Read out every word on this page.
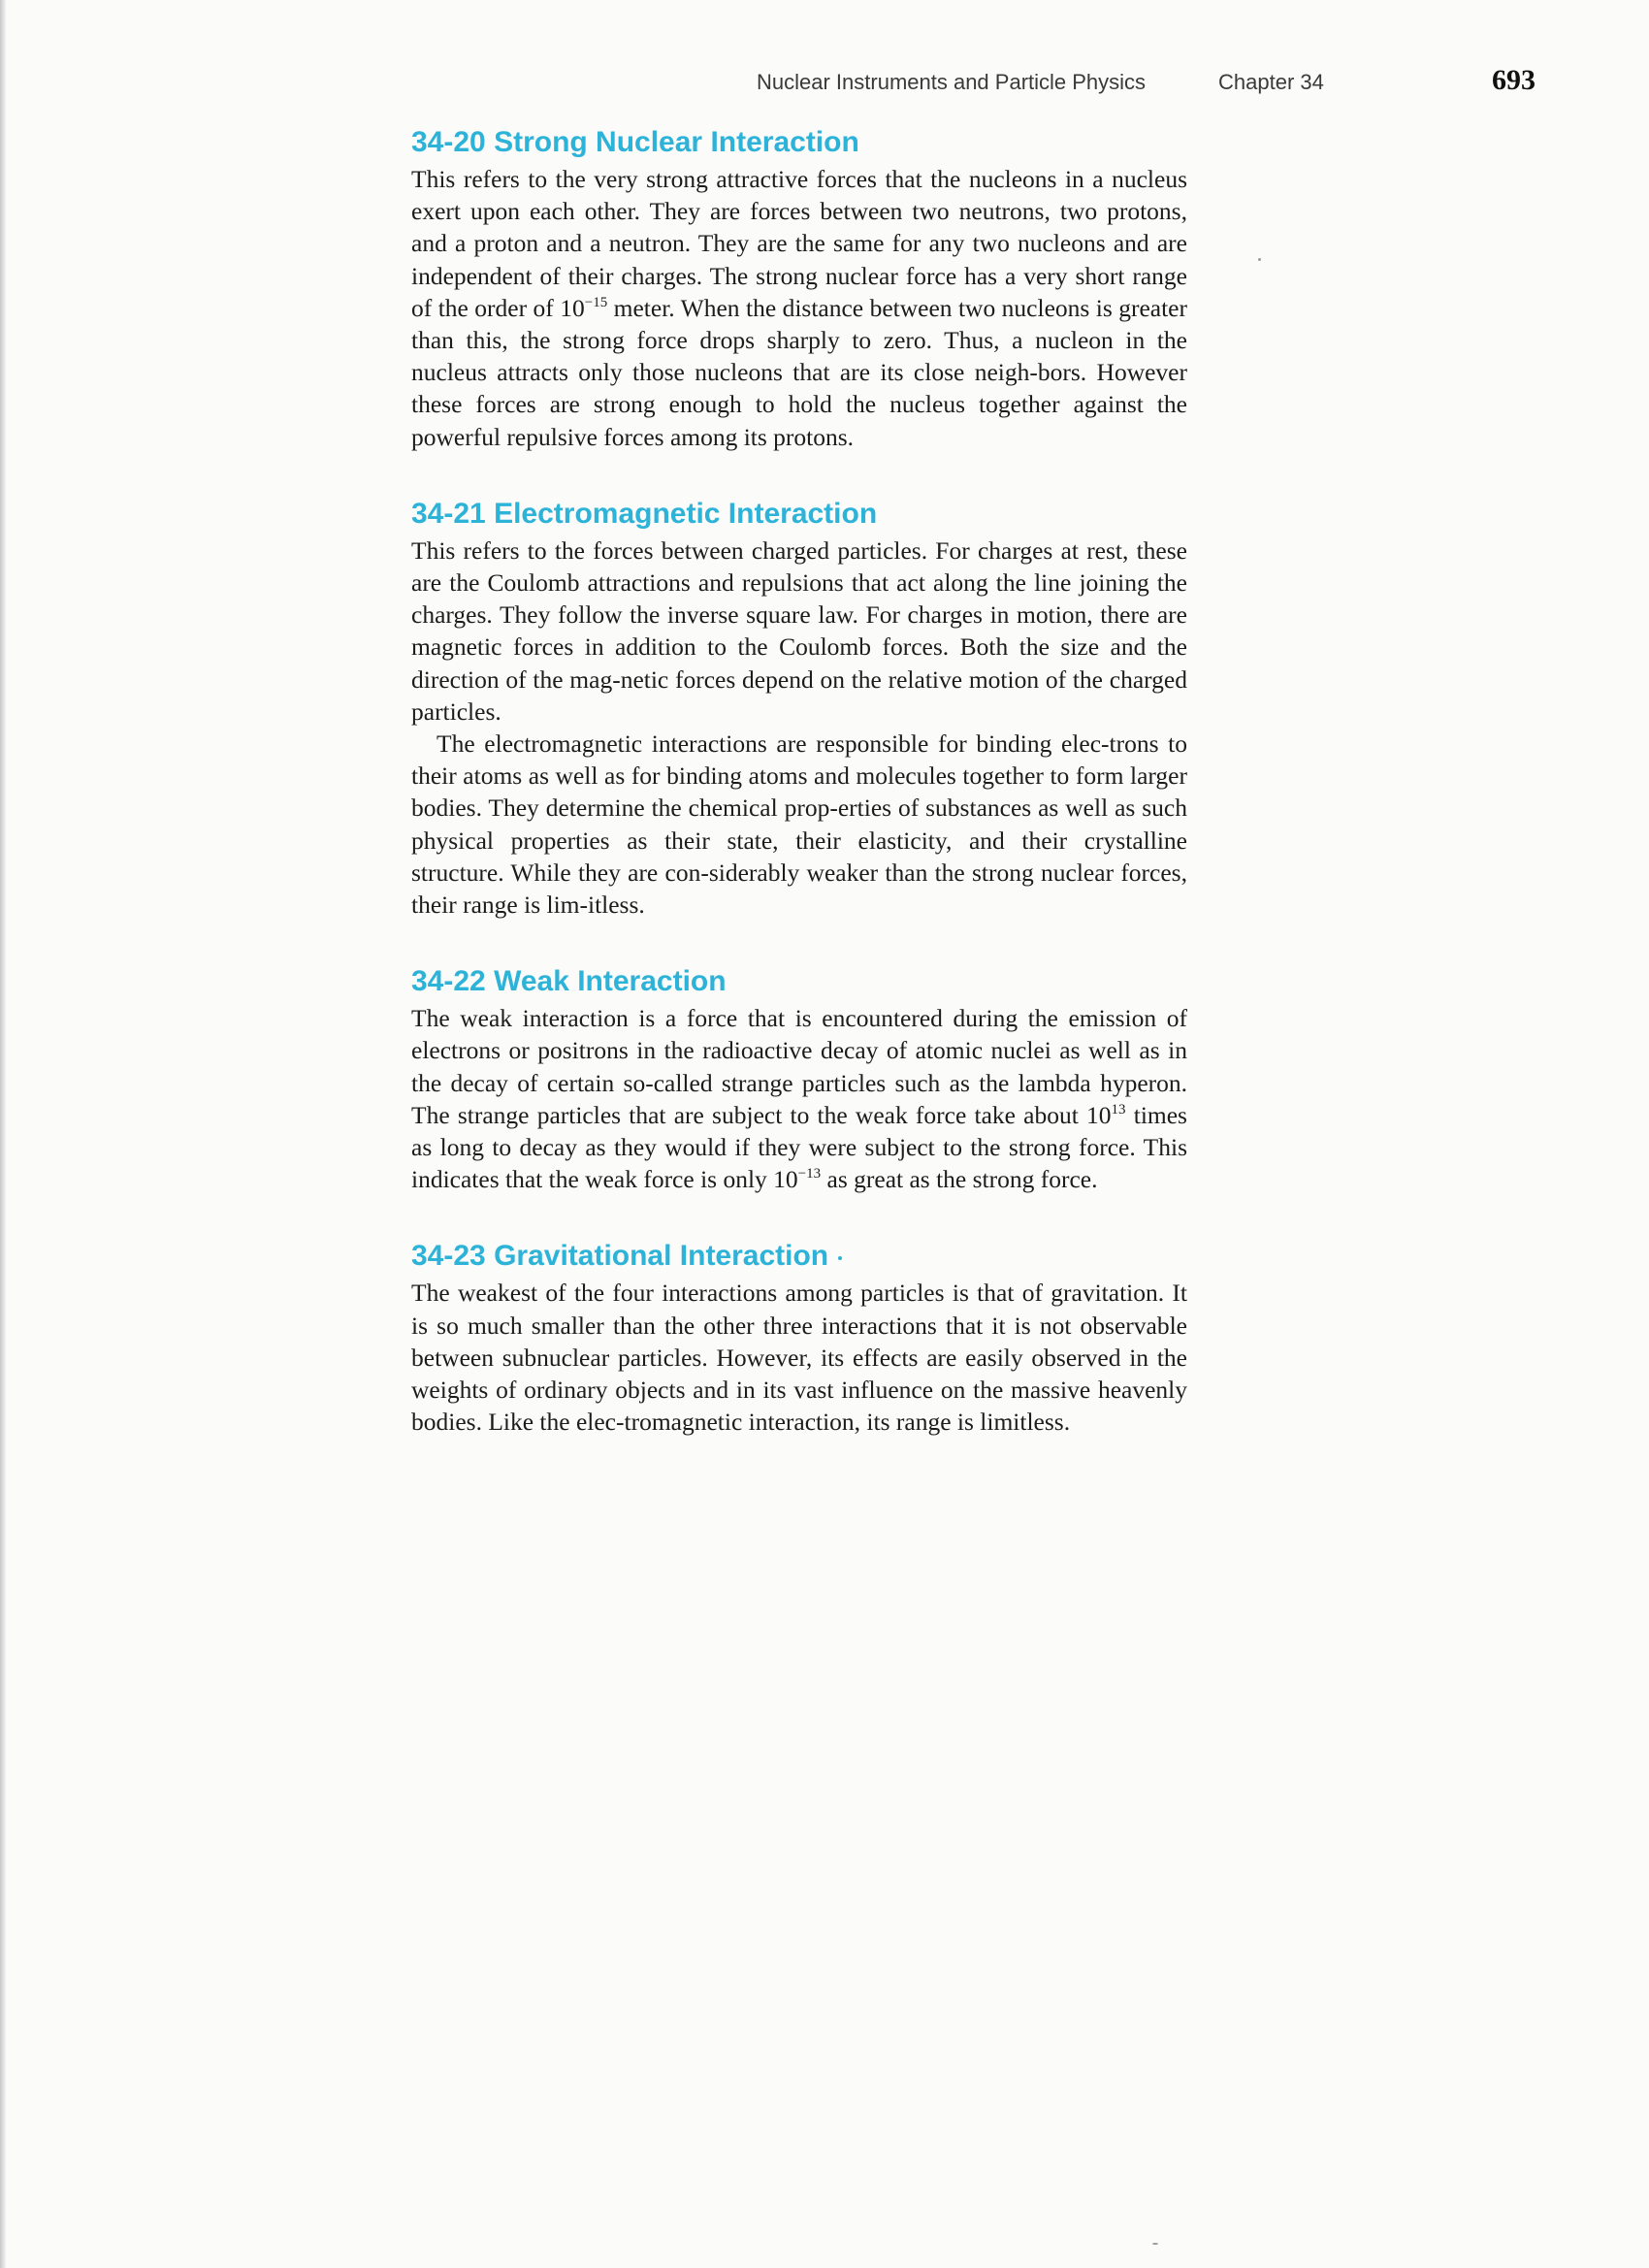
Nuclear Instruments and Particle Physics	Chapter 34	693
34-20 Strong Nuclear Interaction

This refers to the very strong attractive forces that the nucleons in a nucleus exert upon each other. They are forces between two neutrons, two protons, and a proton and a neutron. They are the same for any two nucleons and are independent of their charges. The strong nuclear force has a very short range of the order of $10^{-15}$ meter. When the distance between two nucleons is greater than this, the strong force drops sharply to zero. Thus, a nucleon in the nucleus attracts only those nucleons that are its close neigh-bors. However these forces are strong enough to hold the nucleus together against the powerful repulsive forces among its protons.

34-21 Electromagnetic Interaction

This refers to the forces between charged particles. For charges at rest, these are the Coulomb attractions and repulsions that act along the line joining the charges. They follow the inverse square law. For charges in motion, there are magnetic forces in addition to the Coulomb forces. Both the size and the direction of the mag-netic forces depend on the relative motion of the charged particles.

The electromagnetic interactions are responsible for binding elec-trons to their atoms as well as for binding atoms and molecules together to form larger bodies. They determine the chemical prop-erties of substances as well as such physical properties as their state, their elasticity, and their crystalline structure. While they are con-siderably weaker than the strong nuclear forces, their range is lim-itless.

34-22 Weak Interaction

The weak interaction is a force that is encountered during the emission of electrons or positrons in the radioactive decay of atomic nuclei as well as in the decay of certain so-called strange particles such as the lambda hyperon. The strange particles that are subject to the weak force take about $10^{13}$ times as long to decay as they would if they were subject to the strong force. This indicates that the weak force is only $10^{-13}$ as great as the strong force.

34-23 Gravitational Interaction

The weakest of the four interactions among particles is that of gravitation. It is so much smaller than the other three interactions that it is not observable between subnuclear particles. However, its effects are easily observed in the weights of ordinary objects and in its vast influence on the massive heavenly bodies. Like the elec-tromagnetic interaction, its range is limitless.
